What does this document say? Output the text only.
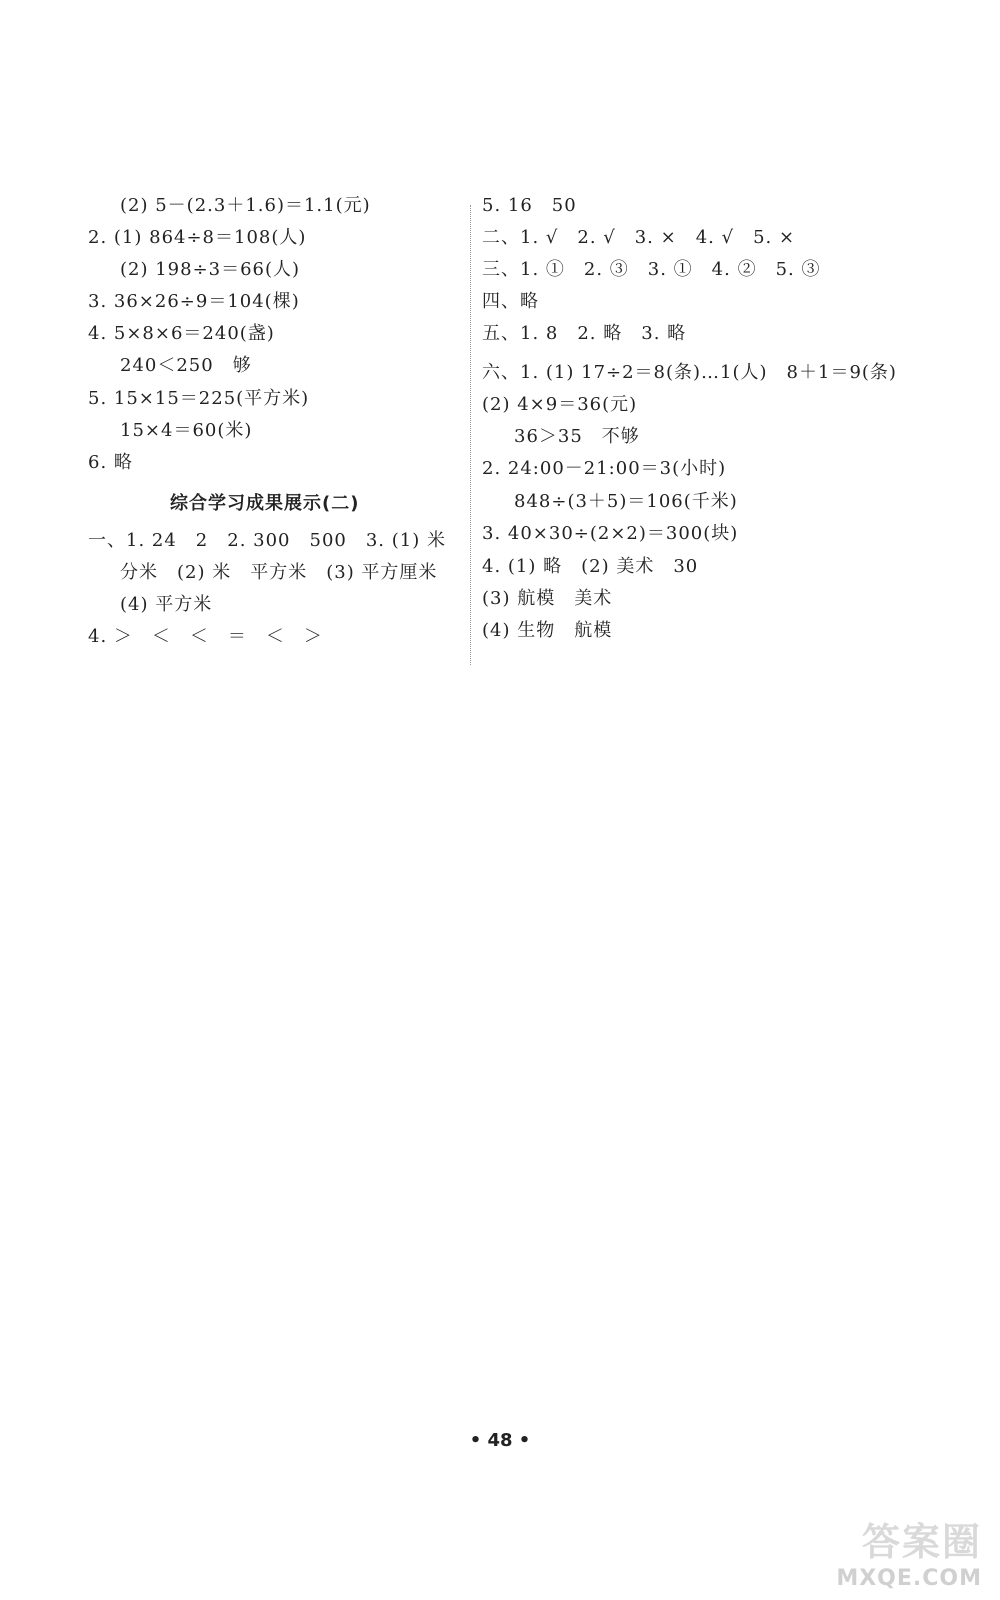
(2) 5－(2.3＋1.6)＝1.1(元)
2. (1) 864÷8＝108(人)
(2) 198÷3＝66(人)
3. 36×26÷9＝104(棵)
4. 5×8×6＝240(盏)
240＜250　够
5. 15×15＝225(平方米)
15×4＝60(米)
6. 略
综合学习成果展示(二)
一、1. 24　2　2. 300　500　3. (1) 米
分米　(2) 米　平方米　(3) 平方厘米
(4) 平方米
4. ＞　＜　＜　＝　＜　＞
5. 16　50
二、1. √　2. √　3. ×　4. √　5. ×
三、1. ①　2. ③　3. ①　4. ②　5. ③
四、略
五、1. 8　2. 略　3. 略
六、1. (1) 17÷2＝8(条)…1(人)　8＋1＝9(条)
(2) 4×9＝36(元)
36＞35　不够
2. 24:00－21:00＝3(小时)
848÷(3＋5)＝106(千米)
3. 40×30÷(2×2)＝300(块)
4. (1) 略　(2) 美术　30
(3) 航模　美术
(4) 生物　航模
• 48 •
答案圈
MXQE.COM
